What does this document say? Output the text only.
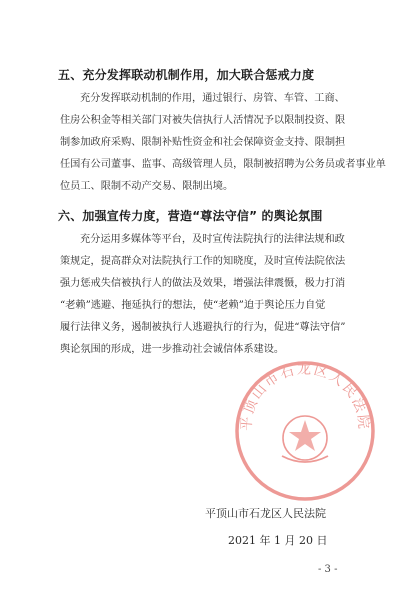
五、充分发挥联动机制作用，加大联合惩戒力度
充分发挥联动机制的作用，通过银行、房管、车管、工商、
住房公积金等相关部门对被失信执行人活情况予以限制投资、限
制参加政府采购、限制补贴性资金和社会保障资金支持、限制担
任国有公司董事、监事、高级管理人员，限制被招聘为公务员或者事业单
位员工、限制不动产交易、限制出境。
六、加强宣传力度，营造“尊法守信” 的舆论氛围
充分运用多媒体等平台，及时宣传法院执行的法律法规和政
策规定，提高群众对法院执行工作的知晓度，及时宣传法院依法
强力惩戒失信被执行人的做法及效果，增强法律震慑，极力打消
“老赖”逃避、拖延执行的想法，使“老赖”迫于舆论压力自觉
履行法律义务，遏制被执行人逃避执行的行为，促进“尊法守信”
舆论氛围的形成，进一步推动社会诚信体系建设。
平顶山市石龙区人民法院
平顶山市石龙区人民法院
2021 年 1 月 20 日
- 3 -
